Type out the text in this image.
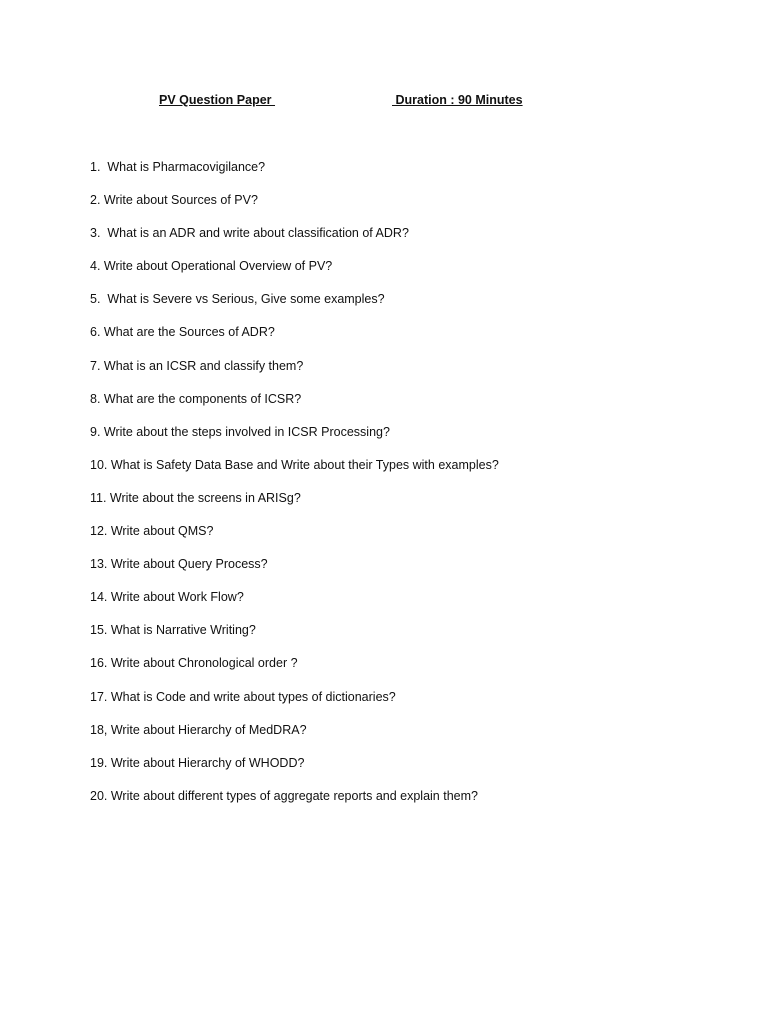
PV Question Paper	Duration : 90 Minutes
1.  What is Pharmacovigilance?
2. Write about Sources of PV?
3.  What is an ADR and write about classification of ADR?
4. Write about Operational Overview of PV?
5.  What is Severe vs Serious, Give some examples?
6. What are the Sources of ADR?
7. What is an ICSR and classify them?
8. What are the components of ICSR?
9. Write about the steps involved in ICSR Processing?
10. What is Safety Data Base and Write about their Types with examples?
11. Write about the screens in ARISg?
12. Write about QMS?
13. Write about Query Process?
14. Write about Work Flow?
15. What is Narrative Writing?
16. Write about Chronological order ?
17. What is Code and write about types of dictionaries?
18, Write about Hierarchy of MedDRA?
19. Write about Hierarchy of WHODD?
20. Write about different types of aggregate reports and explain them?
